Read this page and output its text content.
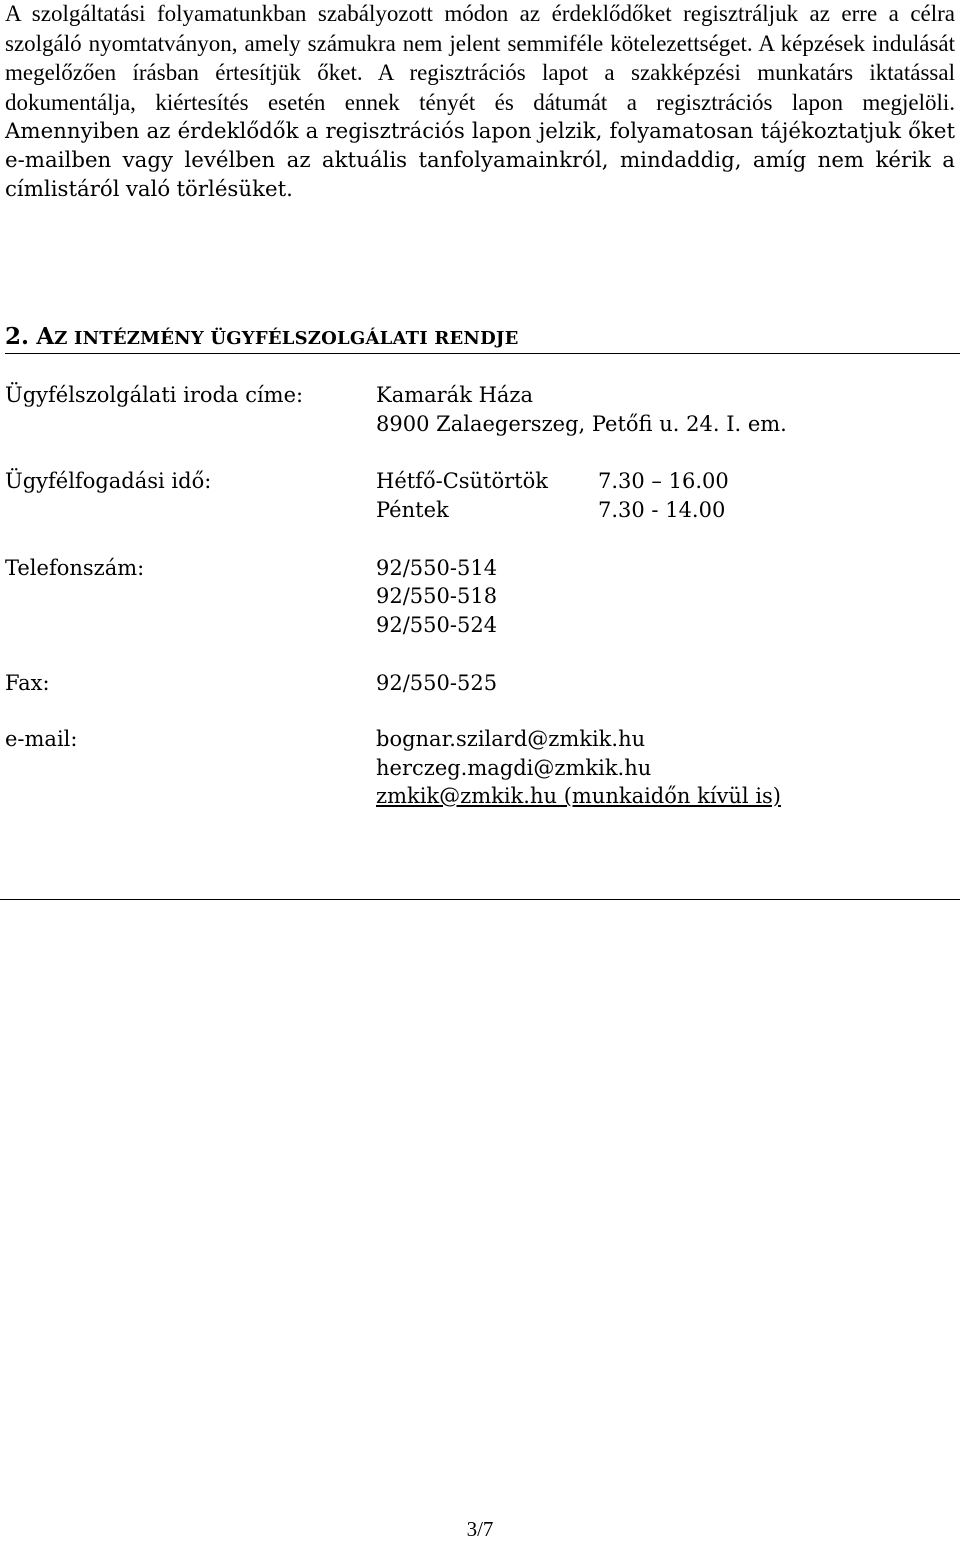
A szolgáltatási folyamatunkban szabályozott módon az érdeklődőket regisztráljuk az erre a célra szolgáló nyomtatványon, amely számukra nem jelent semmiféle kötelezettséget. A képzések indulását megelőzően írásban értesítjük őket. A regisztrációs lapot a szakképzési munkatárs iktatással dokumentálja, kiértesítés esetén ennek tényét és dátumát a regisztrációs lapon megjelöli. Amennyiben az érdeklődők a regisztrációs lapon jelzik, folyamatosan tájékoztatjuk őket e-mailben vagy levélben az aktuális tanfolyamainkról, mindaddig, amíg nem kérik a címlistáról való törlésüket.

2. AZ INTÉZMÉNY ÜGYFÉLSZOLGÁLATI RENDJE

Ügyfélszolgálati iroda címe:	Kamarák Háza

8900 Zalaegerszeg, Petőfi u. 24. I. em.

Ügyfélfogadási idő:	Hétfő-Csütörtök 7.30 – 16.00

Péntek	7.30 - 14.00

Telefonszám:	92/550-514

92/550-518

92/550-524

Fax:	92/550-525

e-mail:	bognar.szilard@zmkik.hu

herczeg.magdi@zmkik.hu

zmkik@zmkik.hu (munkaidőn kívül is)

3/7
